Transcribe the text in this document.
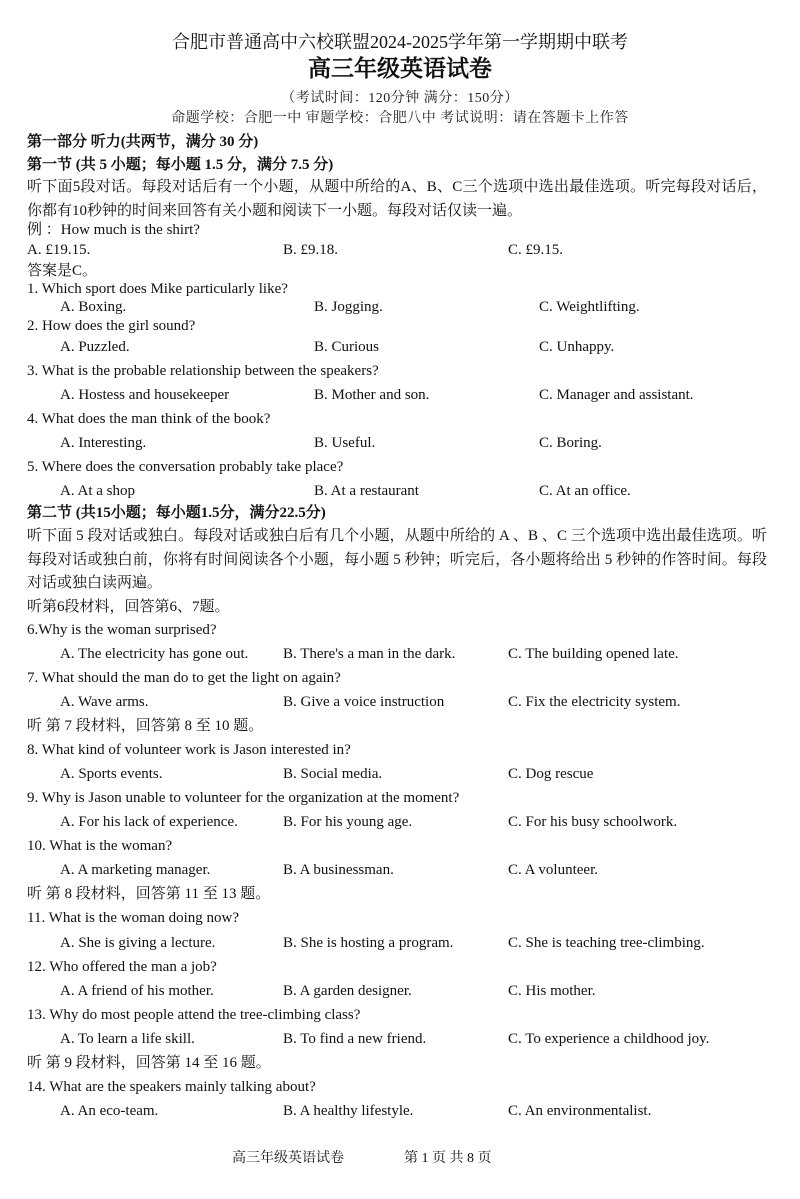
合肥市普通高中六校联盟2024-2025学年第一学期期中联考
高三年级英语试卷
（考试时间：120分钟 满分：150分）
命题学校：合肥一中 审题学校：合肥八中 考试说明：请在答题卡上作答
第一部分 听力(共两节，满分 30 分)
第一节 (共 5 小题；每小题 1.5 分，满分 7.5 分)
听下面5段对话。每段对话后有一个小题，从题中所给的A、B、C三个选项中选出最佳选项。听完每段对话后，你都有10秒钟的时间来回答有关小题和阅读下一小题。每段对话仅读一遍。
例 ：How much is the shirt?
A. £19.15.	B. £9.18.	C. £9.15.
答案是C。
1. Which sport does Mike particularly like?
A. Boxing.	B. Jogging.	C. Weightlifting.
2. How does the girl sound?
A. Puzzled.	B. Curious	C. Unhappy.
3. What is the probable relationship between the speakers?
A. Hostess and housekeeper	B. Mother and son.	C. Manager and assistant.
4. What does the man think of the book?
A. Interesting.	B. Useful.	C. Boring.
5. Where does the conversation probably take place?
A. At a shop	B. At a restaurant	C. At an office.
第二节 (共15小题；每小题1.5分，满分22.5分)
听下面 5 段对话或独白。每段对话或独白后有几个小题，从题中所给的 A 、B 、C 三个选项中选出最佳选项。听每段对话或独白前，你将有时间阅读各个小题，每小题 5 秒钟；听完后，各小题将给出 5 秒钟的作答时间。每段对话或独白读两遍。
听第6段材料，回答第6、7题。
6.Why is the woman surprised?
A. The electricity has gone out. B. There's a man in the dark.	C. The building opened late.
7. What should the man do to get the light on again?
A. Wave arms.	B. Give a voice instruction	C. Fix the electricity system.
听 第 7 段材料，回答第 8 至 10 题。
8. What kind of volunteer work is Jason interested in?
A. Sports events.	B. Social media.	C. Dog rescue
9. Why is Jason unable to volunteer for the organization at the moment?
A. For his lack of experience.	B. For his young age.	C. For his busy schoolwork.
10. What is the woman?
A. A marketing manager.	B. A businessman.	C. A volunteer.
听 第 8 段材料，回答第 11 至 13 题。
11. What is the woman doing now?
A. She is giving a lecture.	B. She is hosting a program.	C. She is teaching tree-climbing.
12. Who offered the man a job?
A. A friend of his mother.	B. A garden designer.	C. His mother.
13. Why do most people attend the tree-climbing class?
A. To learn a life skill.	B. To find a new friend.	C. To experience a childhood joy.
听 第 9 段材料，回答第 14 至 16 题。
14. What are the speakers mainly talking about?
A. An eco-team.	B. A healthy lifestyle.	C. An environmentalist.
高三年级英语试卷	第 1 页 共 8 页
